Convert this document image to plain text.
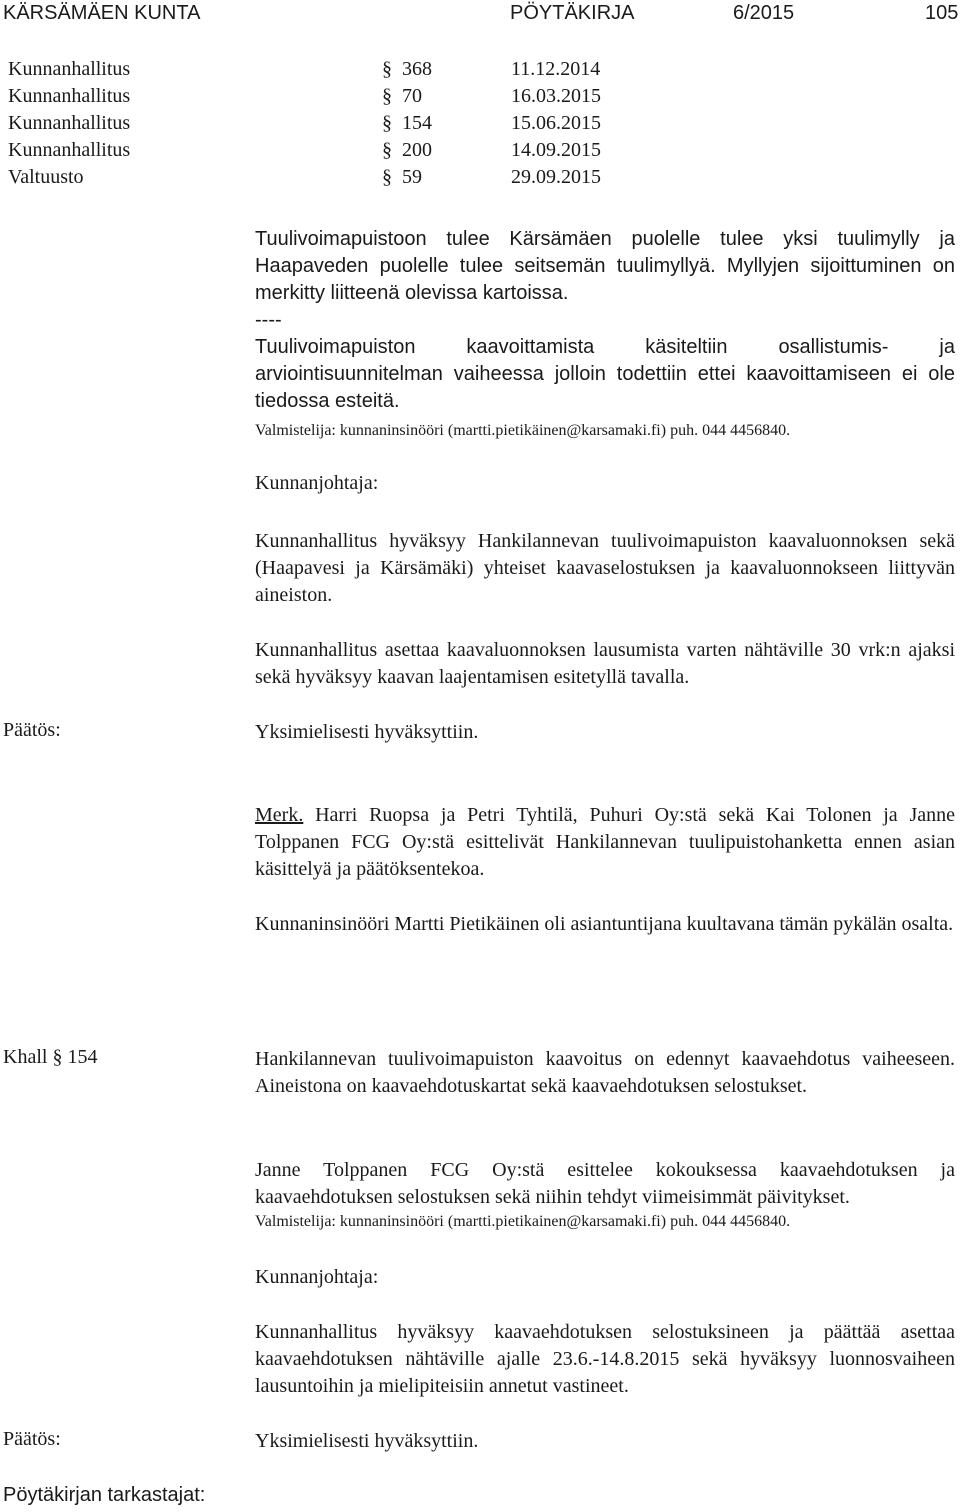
KÄRSÄMÄEN KUNTA	PÖYTÄKIRJA	6/2015	105
Kunnanhallitus	§ 368	11.12.2014
Kunnanhallitus	§ 70	16.03.2015
Kunnanhallitus	§ 154	15.06.2015
Kunnanhallitus	§ 200	14.09.2015
Valtuusto	§ 59	29.09.2015
Tuulivoimapuistoon tulee Kärsämäen puolelle tulee yksi tuulimylly ja Haapaveden puolelle tulee seitsemän tuulimyllyä. Myllyjen sijoittuminen on merkitty liitteenä olevissa kartoissa.
----
Tuulivoimapuiston kaavoittamista käsiteltiin osallistumis- ja arviointisuunnitelman vaiheessa jolloin todettiin ettei kaavoittamiseen ei ole tiedossa esteitä.
Valmistelija: kunnaninsinööri (martti.pietikäinen@karsamaki.fi) puh. 044 4456840.
Kunnanjohtaja:
Kunnanhallitus hyväksyy Hankilannevan tuulivoimapuiston kaavaluonnoksen sekä (Haapavesi ja Kärsämäki) yhteiset kaavaselostuksen ja kaavaluonnokseen liittyvän aineiston.
Kunnanhallitus asettaa kaavaluonnoksen lausumista varten nähtäville 30 vrk:n ajaksi sekä hyväksyy kaavan laajentamisen esitetyllä tavalla.
Päätös:	Yksimielisesti hyväksyttiin.
Merk. Harri Ruopsa ja Petri Tyhtilä, Puhuri Oy:stä sekä Kai Tolonen ja Janne Tolppanen FCG Oy:stä esittelivät Hankilannevan tuulipuistohanketta ennen asian käsittelyä ja päätöksentekoa.
Kunnaninsinööri Martti Pietikäinen oli asiantuntijana kuultavana tämän pykälän osalta.
Khall § 154	Hankilannevan tuulivoimapuiston kaavoitus on edennyt kaavaehdotus vaiheeseen. Aineistona on kaavaehdotuskartat sekä kaavaehdotuksen selostukset.
Janne Tolppanen FCG Oy:stä esittelee kokouksessa kaavaehdotuksen ja kaavaehdotuksen selostuksen sekä niihin tehdyt viimeisimmät päivitykset.
Valmistelija: kunnaninsinööri (martti.pietikainen@karsamaki.fi) puh. 044 4456840.
Kunnanjohtaja:
Kunnanhallitus hyväksyy kaavaehdotuksen selostuksineen ja päättää asettaa kaavaehdotuksen nähtäville ajalle 23.6.-14.8.2015 sekä hyväksyy luonnosvaiheen lausuntoihin ja mielipiteisiin annetut vastineet.
Päätös:	Yksimielisesti hyväksyttiin.
Pöytäkirjan tarkastajat:
